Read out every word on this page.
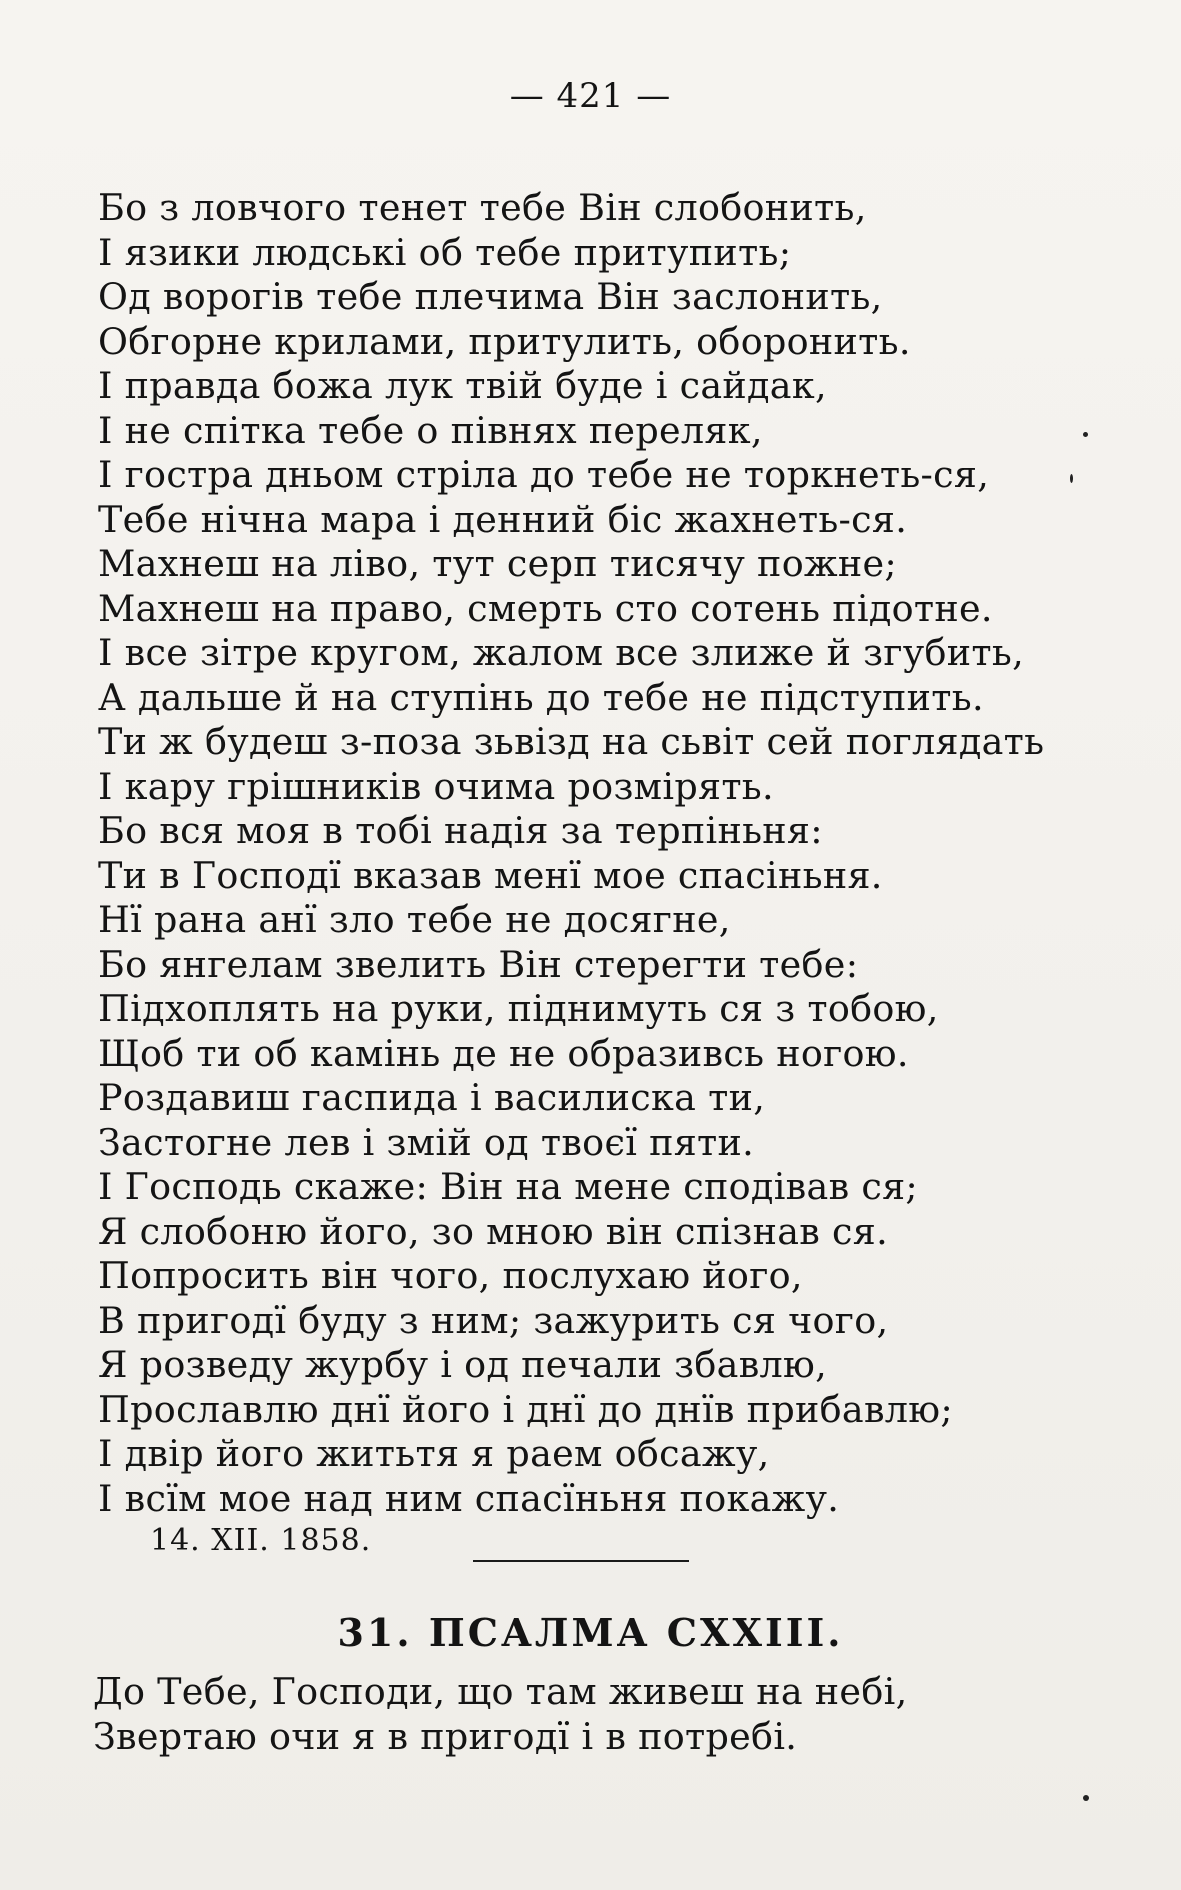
— 421 —
Бо з ловчого тенет тебе Він слобонить,
І язики людські об тебе притупить;
Од ворогів тебе плечима Він заслонить,
Обгорне крилами, притулить, оборонить.
І правда божа лук твій буде і сайдак,
І не спітка тебе о півнях переляк,
І гостра дньом стріла до тебе не торкнеть-ся,
Тебе нічна мара і денний біс жахнеть-ся.
Махнеш на ліво, тут серп тисячу пожне;
Махнеш на право, смерть сто сотень підотне.
І все зітре кругом, жалом все злиже й згубить,
А дальше й на ступінь до тебе не підступить.
Ти ж будеш з-поза зьвізд на сьвіт сей поглядать
І кару грішників очима розмірять.
Бо вся моя в тобі надія за терпіньня:
Ти в Господї вказав менї мое спасіньня.
Нї рана анї зло тебе не досягне,
Бо янгелам звелить Він стерегти тебе:
Підхоплять на руки, піднимуть ся з тобою,
Щоб ти об камінь де не образивсь ногою.
Роздавиш гаспида і василиска ти,
Застогне лев і змій од твоєї пяти.
І Господь скаже: Він на мене сподівав ся;
Я слобоню його, зо мною він спізнав ся.
Попросить він чого, послухаю його,
В пригодї буду з ним; зажурить ся чого,
Я розведу журбу і од печали збавлю,
Прославлю днї його і днї до днїв прибавлю;
І двір його житьтя я раем обсажу,
І всїм мое над ним спасїньня покажу.
14. XII. 1858.
31. ПСАЛМА CXXIII.
До Тебе, Господи, що там живеш на небі,
Звертаю очи я в пригодї і в потребі.
